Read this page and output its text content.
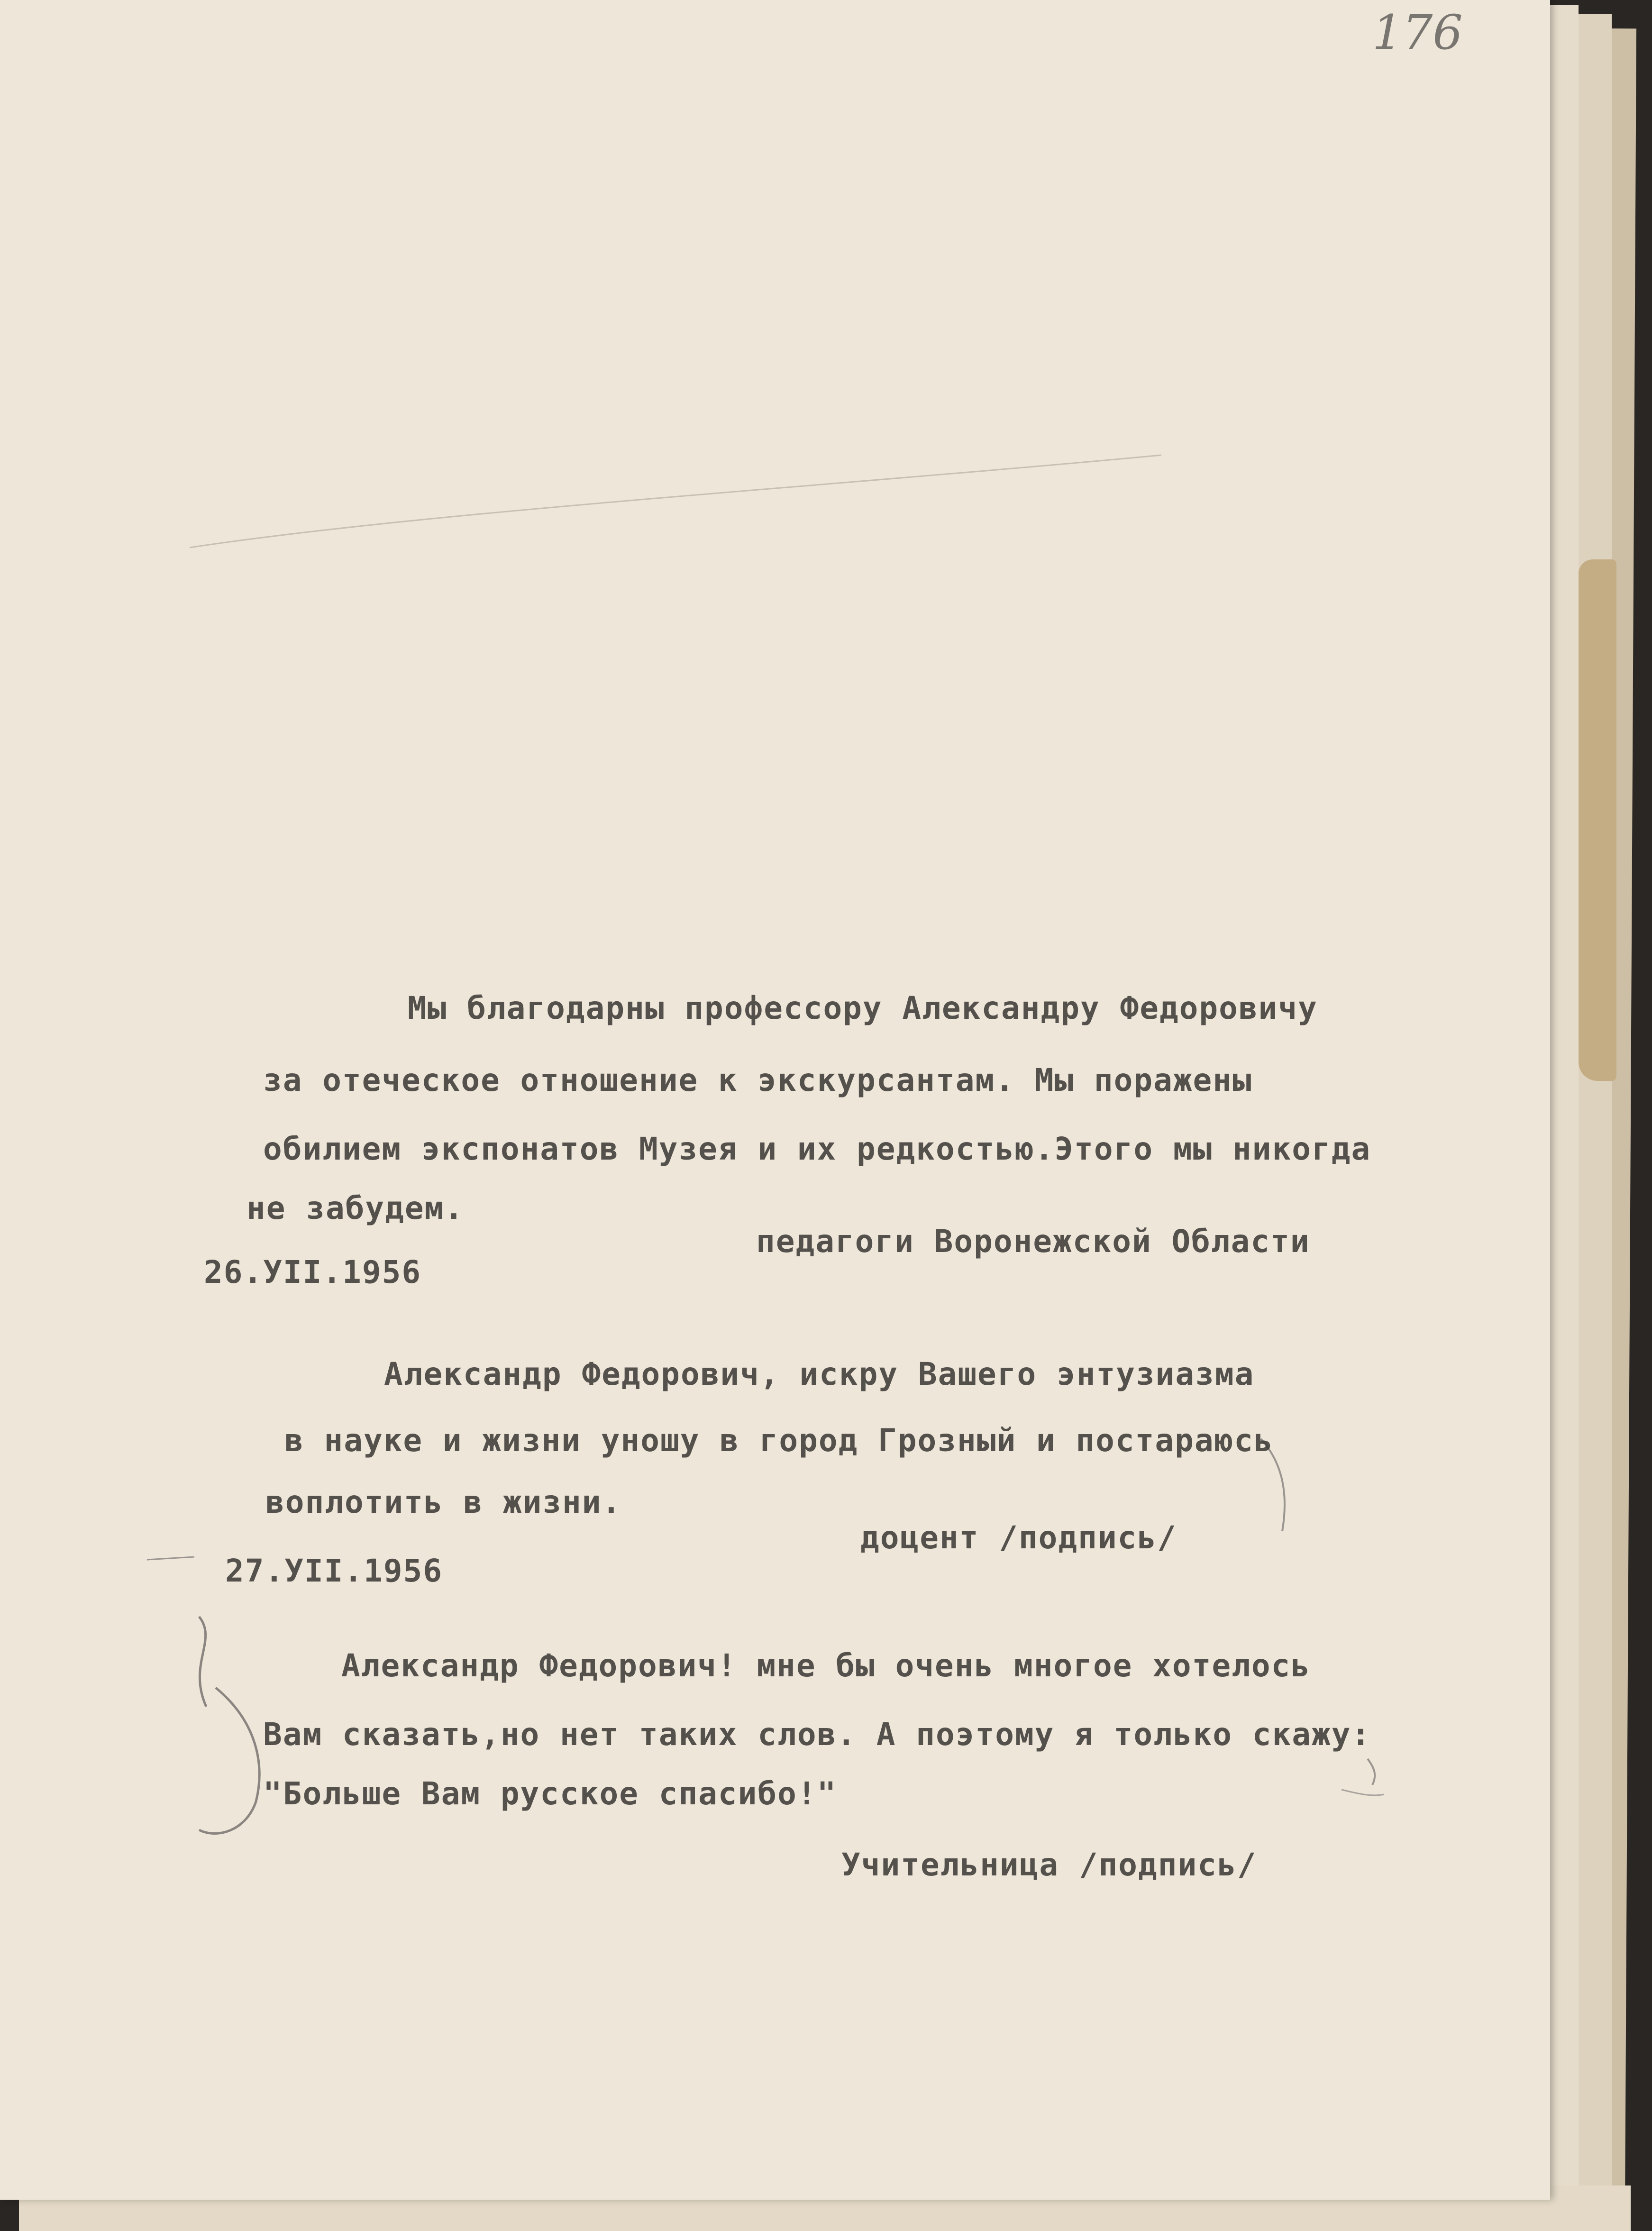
176

Мы благодарны профессору Александру Федоровичу

за отеческое отношение к экскурсантам. Мы поражены

обилием экспонатов Музея и их редкостью.Этого мы никогда

не забудем.

педагоги Воронежской Области

26.УII.1956

Александр Федорович, искру Вашего энтузиазма

в науке и жизни уношу в город Грозный и постараюсь

воплотить в жизни.

доцент /подпись/

27.УII.1956

Александр Федорович! мне бы очень многое хотелось

Вам сказать,но нет таких слов. А поэтому я только скажу:

"Больше Вам русское спасибо!"

Учительница /подпись/
